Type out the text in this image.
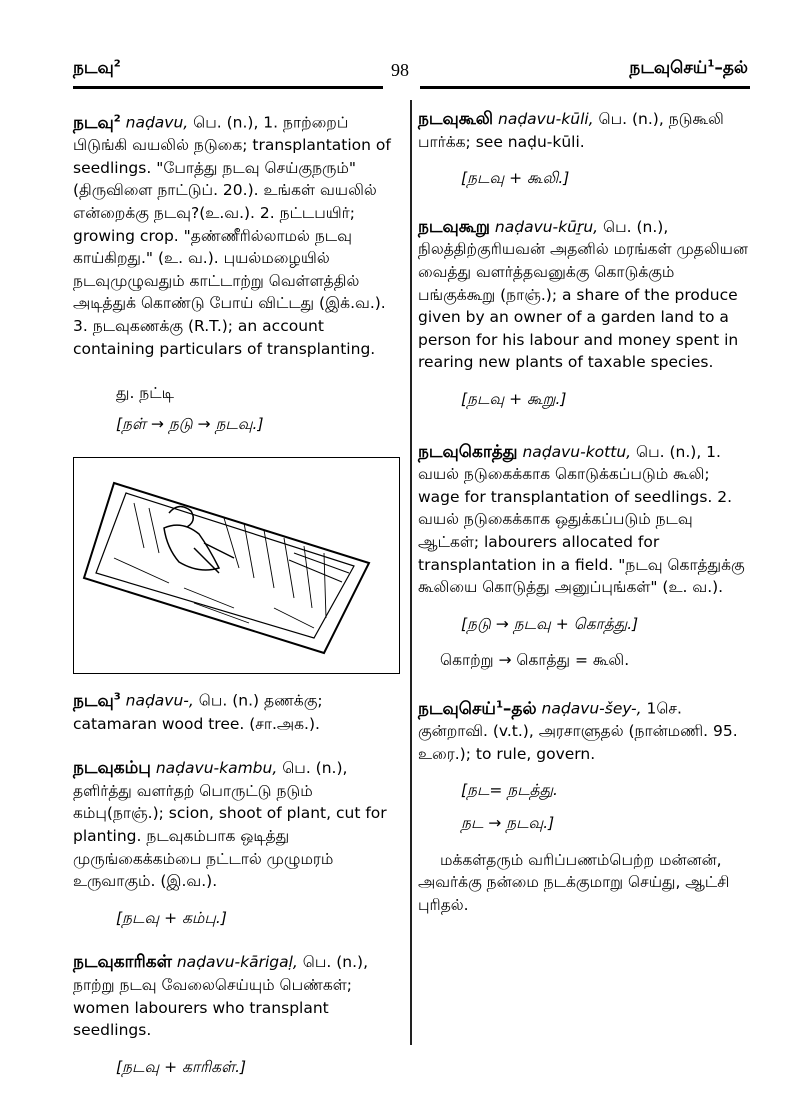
நடவு$^2$	98	நடவுசெய்$^1$–தல்

நடவு$^2$ naḍavu, பெ. (n.), 1. நாற்றைப் பிடுங்கி வயலில் நடுகை; transplantation of seedlings. "போத்து நடவு செய்குநரும்" (திருவிளை நாட்டுப். 20.). உங்கள் வயலில் என்றைக்கு நடவு?(உ.வ.). 2. நட்டபயிர்; growing crop. "தண்ணீரில்லாமல் நடவு காய்கிறது." (உ. வ.). புயல்மழையில் நடவுமுழுவதும் காட்டாற்று வெள்ளத்தில் அடித்துக் கொண்டு போய் விட்டது (இக்.வ.). 3. நடவுகணக்கு (R.T.); an account containing particulars of transplanting.

து. நட்டி
[நள் → நடு → நடவு.]

நடவு$^3$ naḍavu-, பெ. (n.) தணக்கு; catamaran wood tree. (சா.அக.).

நடவுகம்பு naḍavu-kambu, பெ. (n.), தளிர்த்து வளர்தற் பொருட்டு நடும் கம்பு(நாஞ்.); scion, shoot of plant, cut for planting. நடவுகம்பாக ஒடித்து முருங்கைக்கம்பை நட்டால் முழுமரம் உருவாகும். (இ.வ.).

[நடவு + கம்பு.]

நடவுகாரிகள் naḍavu-kārigaḷ, பெ. (n.), நாற்று நடவு வேலைசெய்யும் பெண்கள்; women labourers who transplant seedlings.

[நடவு + காரிகள்.]

நடவுகூலி naḍavu-kūli, பெ. (n.), நடுகூலி பார்க்க; see naḍu-kūli.

[நடவு + கூலி.]

நடவுகூறு naḍavu-kūṟu, பெ. (n.), நிலத்திற்குரியவன் அதனில் மரங்கள் முதலியன வைத்து வளர்த்தவனுக்கு கொடுக்கும் பங்குக்கூறு (நாஞ்.); a share of the produce given by an owner of a garden land to a person for his labour and money spent in rearing new plants of taxable species.

[நடவு + கூறு.]

நடவுகொத்து naḍavu-kottu, பெ. (n.), 1. வயல் நடுகைக்காக கொடுக்கப்படும் கூலி; wage for transplantation of seedlings. 2. வயல் நடுகைக்காக ஒதுக்கப்படும் நடவு ஆட்கள்; labourers allocated for transplantation in a field. "நடவு கொத்துக்கு கூலியை கொடுத்து அனுப்புங்கள்" (உ. வ.).

[நடு → நடவு + கொத்து.]
கொற்று → கொத்து = கூலி.

நடவுசெய்$^1$–தல் naḍavu-šey-, 1செ. குன்றாவி. (v.t.), அரசாளுதல் (நான்மணி. 95. உரை.); to rule, govern.

[நட= நடத்து.
நட → நடவு.]

மக்கள்தரும் வரிப்பணம்பெற்ற மன்னன், அவர்க்கு நன்மை நடக்குமாறு செய்து, ஆட்சி புரிதல்.
